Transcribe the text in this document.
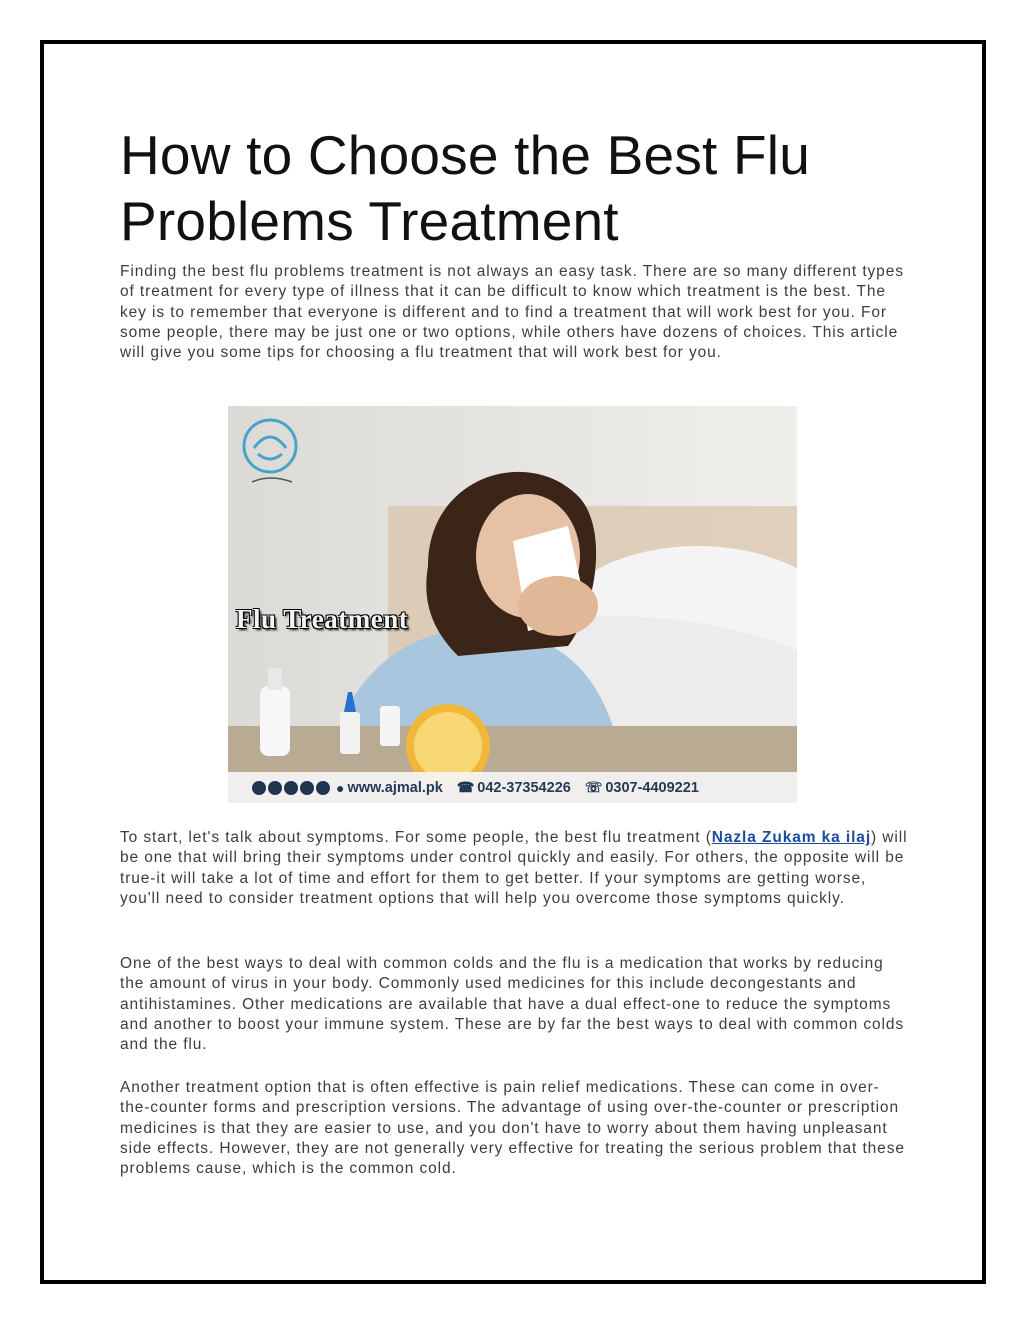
How to Choose the Best Flu Problems Treatment

Finding the best flu problems treatment is not always an easy task. There are so many different types of treatment for every type of illness that it can be difficult to know which treatment is the best. The key is to remember that everyone is different and to find a treatment that will work best for you. For some people, there may be just one or two options, while others have dozens of choices. This article will give you some tips for choosing a flu treatment that will work best for you.

Flu Treatment

● www.ajmal.pk ☎ 042-37354226 ☏ 0307-4409221

To start, let's talk about symptoms. For some people, the best flu treatment (Nazla Zukam ka ilaj) will be one that will bring their symptoms under control quickly and easily. For others, the opposite will be true-it will take a lot of time and effort for them to get better. If your symptoms are getting worse, you'll need to consider treatment options that will help you overcome those symptoms quickly.

One of the best ways to deal with common colds and the flu is a medication that works by reducing the amount of virus in your body. Commonly used medicines for this include decongestants and antihistamines. Other medications are available that have a dual effect-one to reduce the symptoms and another to boost your immune system. These are by far the best ways to deal with common colds and the flu.

Another treatment option that is often effective is pain relief medications. These can come in over-the-counter forms and prescription versions. The advantage of using over-the-counter or prescription medicines is that they are easier to use, and you don't have to worry about them having unpleasant side effects. However, they are not generally very effective for treating the serious problem that these problems cause, which is the common cold.
